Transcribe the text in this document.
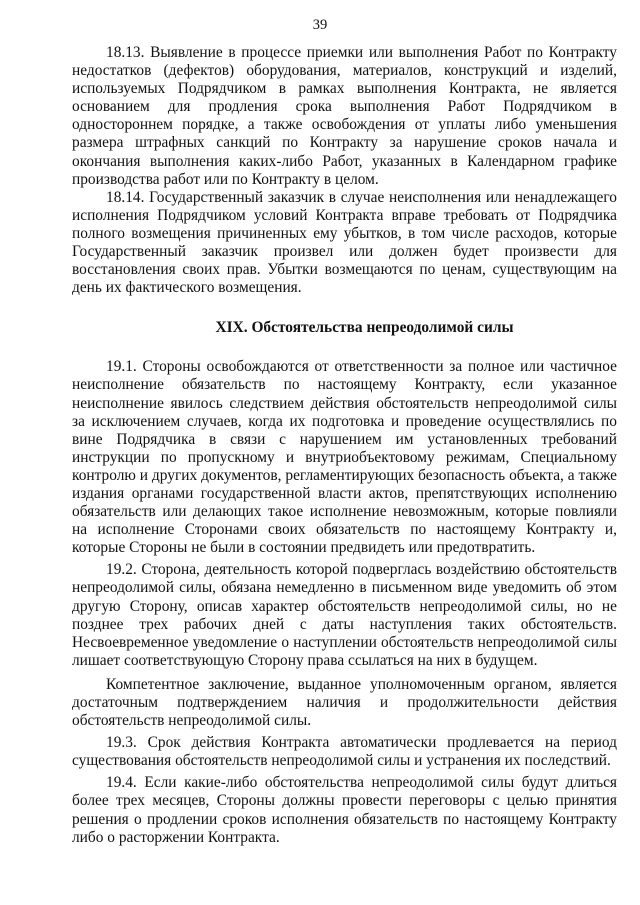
39

18.13. Выявление в процессе приемки или выполнения Работ по Контракту недостатков (дефектов) оборудования, материалов, конструкций и изделий, используемых Подрядчиком в рамках выполнения Контракта, не является основанием для продления срока выполнения Работ Подрядчиком в одностороннем порядке, а также освобождения от уплаты либо уменьшения размера штрафных санкций по Контракту за нарушение сроков начала и окончания выполнения каких-либо Работ, указанных в Календарном графике производства работ или по Контракту в целом.

18.14. Государственный заказчик в случае неисполнения или ненадлежащего исполнения Подрядчиком условий Контракта вправе требовать от Подрядчика полного возмещения причиненных ему убытков, в том числе расходов, которые Государственный заказчик произвел или должен будет произвести для восстановления своих прав. Убытки возмещаются по ценам, существующим на день их фактического возмещения.

XIX. Обстоятельства непреодолимой силы

19.1. Стороны освобождаются от ответственности за полное или частичное неисполнение обязательств по настоящему Контракту, если указанное неисполнение явилось следствием действия обстоятельств непреодолимой силы за исключением случаев, когда их подготовка и проведение осуществлялись по вине Подрядчика в связи с нарушением им установленных требований инструкции по пропускному и внутриобъектовому режимам, Специальному контролю и других документов, регламентирующих безопасность объекта, а также издания органами государственной власти актов, препятствующих исполнению обязательств или делающих такое исполнение невозможным, которые повлияли на исполнение Сторонами своих обязательств по настоящему Контракту и, которые Стороны не были в состоянии предвидеть или предотвратить.

19.2. Сторона, деятельность которой подверглась воздействию обстоятельств непреодолимой силы, обязана немедленно в письменном виде уведомить об этом другую Сторону, описав характер обстоятельств непреодолимой силы, но не позднее трех рабочих дней с даты наступления таких обстоятельств. Несвоевременное уведомление о наступлении обстоятельств непреодолимой силы лишает соответствующую Сторону права ссылаться на них в будущем.

Компетентное заключение, выданное уполномоченным органом, является достаточным подтверждением наличия и продолжительности действия обстоятельств непреодолимой силы.

19.3. Срок действия Контракта автоматически продлевается на период существования обстоятельств непреодолимой силы и устранения их последствий.

19.4. Если какие-либо обстоятельства непреодолимой силы будут длиться более трех месяцев, Стороны должны провести переговоры с целью принятия решения о продлении сроков исполнения обязательств по настоящему Контракту либо о расторжении Контракта.
